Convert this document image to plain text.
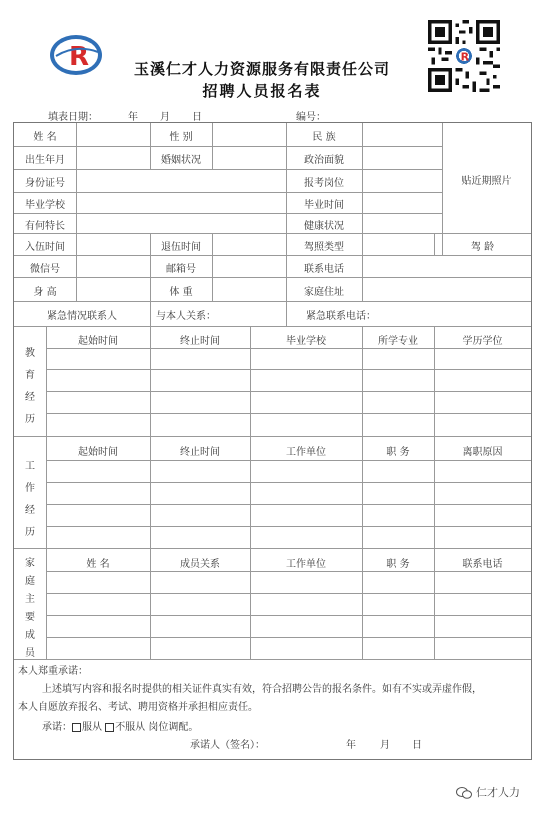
R	玉溪仁才人力资源服务有限责任公司
招聘人员报名表
R
填表日期：	年 月 日	编号：
姓 名	性 别	民 族
出生年月	婚姻状况	政治面貌
贴近期照片
身份证号	报考岗位
毕业学校	毕业时间
有何特长	健康状况
入伍时间	退伍时间	驾照类型	驾 龄
微信号	邮箱号	联系电话
身 高	体 重	家庭住址
紧急情况联系人	与本人关系：	紧急联系电话：
教
育
经
历
起始时间	终止时间	毕业学校	所学专业	学历学位
工
作
经
历
起始时间	终止时间	工作单位	职 务	离职原因
家
庭
主
要
成
员
姓 名	成员关系	工作单位	职 务	联系电话
本人郑重承诺：
上述填写内容和报名时提供的相关证件真实有效，符合招聘公告的报名条件。如有不实或弄虚作假，
本人自愿放弃报名、考试、聘用资格并承担相应责任。
承诺： 服从 不服从 岗位调配。
承诺人（签名）：	年 月 日
仁才人力
